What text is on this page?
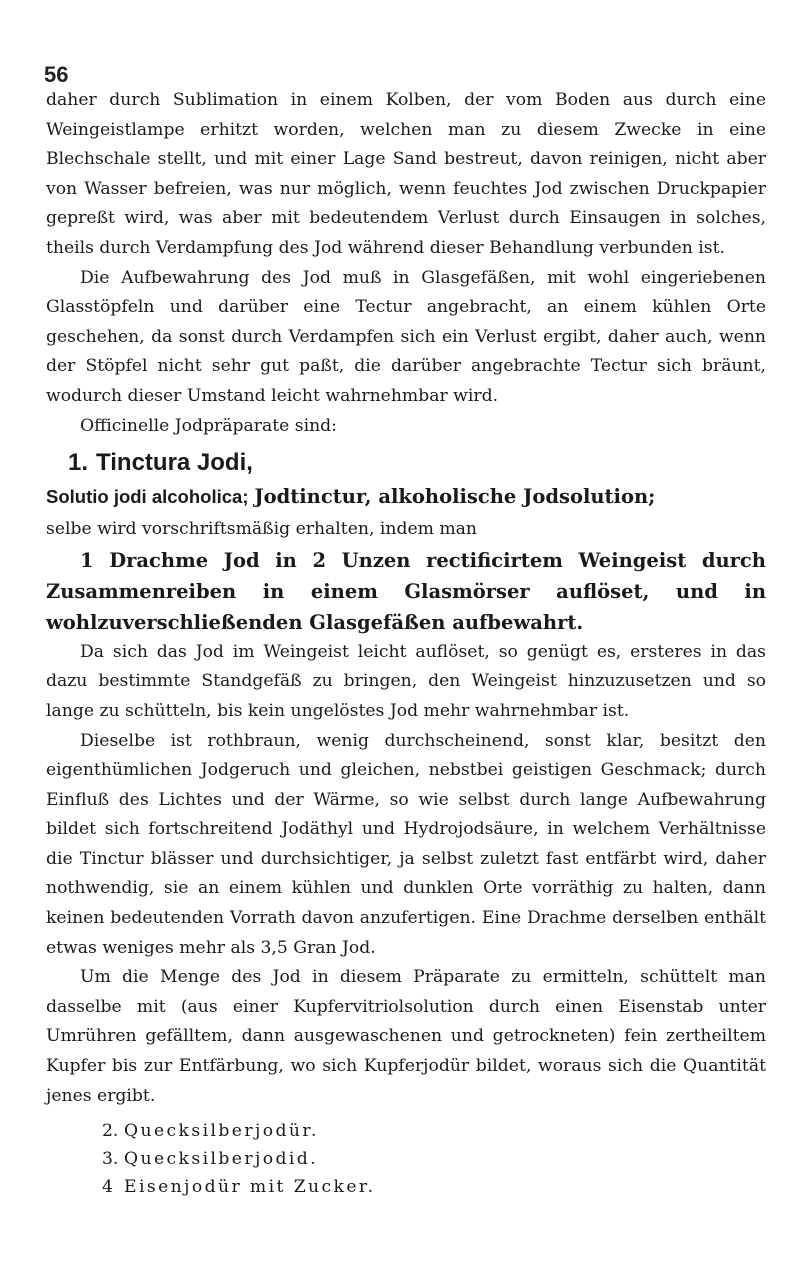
56

daher durch Sublimation in einem Kolben, der vom Boden aus durch eine Weingeistlampe erhitzt worden, welchen man zu diesem Zwecke in eine Blechschale stellt, und mit einer Lage Sand bestreut, davon reinigen, nicht aber von Wasser befreien, was nur möglich, wenn feuchtes Jod zwischen Druckpapier gepreßt wird, was aber mit bedeutendem Verlust durch Einsaugen in solches, theils durch Verdampfung des Jod während dieser Behandlung verbunden ist.

Die Aufbewahrung des Jod muß in Glasgefäßen, mit wohl eingeriebenen Glasstöpfeln und darüber eine Tectur angebracht, an einem kühlen Orte geschehen, da sonst durch Verdampfen sich ein Verlust ergibt, daher auch, wenn der Stöpfel nicht sehr gut paßt, die darüber angebrachte Tectur sich bräunt, wodurch dieser Umstand leicht wahrnehmbar wird.

Officinelle Jodpräparate sind:

1. Tinctura Jodi,
Solutio jodi alcoholica; Jodtinctur, alkoholische Jodsolution;

selbe wird vorschriftsmäßig erhalten, indem man

1 Drachme Jod in 2 Unzen rectificirtem Weingeist durch Zusammenreiben in einem Glasmörser auflöset, und in wohlzuverschließenden Glasgefäßen aufbewahrt.

Da sich das Jod im Weingeist leicht auflöset, so genügt es, ersteres in das dazu bestimmte Standgefäß zu bringen, den Weingeist hinzuzusetzen und so lange zu schütteln, bis kein ungelöstes Jod mehr wahrnehmbar ist.

Dieselbe ist rothbraun, wenig durchscheinend, sonst klar, besitzt den eigenthümlichen Jodgeruch und gleichen, nebstbei geistigen Geschmack; durch Einfluß des Lichtes und der Wärme, so wie selbst durch lange Aufbewahrung bildet sich fortschreitend Jodäthyl und Hydrojodsäure, in welchem Verhältnisse die Tinctur blässer und durchsichtiger, ja selbst zuletzt fast entfärbt wird, daher nothwendig, sie an einem kühlen und dunklen Orte vorräthig zu halten, dann keinen bedeutenden Vorrath davon anzufertigen. Eine Drachme derselben enthält etwas weniges mehr als 3,5 Gran Jod.

Um die Menge des Jod in diesem Präparate zu ermitteln, schüttelt man dasselbe mit (aus einer Kupfervitriolsolution durch einen Eisenstab unter Umrühren gefälltem, dann ausgewaschenen und getrockneten) fein zertheiltem Kupfer bis zur Entfärbung, wo sich Kupferjodür bildet, woraus sich die Quantität jenes ergibt.

2. Quecksilberjodür.
3. Quecksilberjodid.
4 Eisenjodür mit Zucker.
